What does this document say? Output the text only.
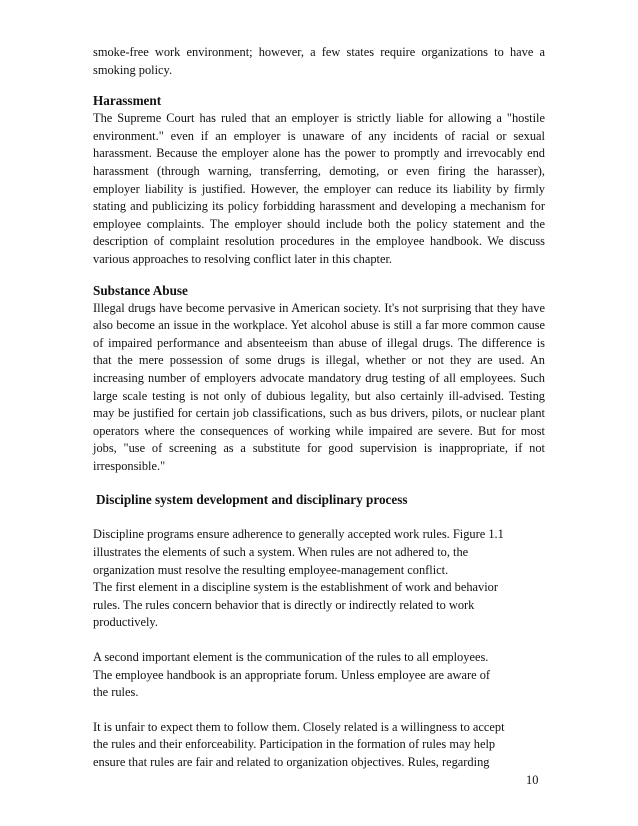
smoke-free work environment; however, a few states require organizations to have a smoking policy.

Harassment

The Supreme Court has ruled that an employer is strictly liable for allowing a "hostile environment." even if an employer is unaware of any incidents of racial or sexual harassment. Because the employer alone has the power to promptly and irrevocably end harassment (through warning, transferring, demoting, or even firing the harasser), employer liability is justified. However, the employer can reduce its liability by firmly stating and publicizing its policy forbidding harassment and developing a mechanism for employee complaints. The employer should include both the policy statement and the description of complaint resolution procedures in the employee handbook. We discuss various approaches to resolving conflict later in this chapter.

Substance Abuse

Illegal drugs have become pervasive in American society. It's not surprising that they have also become an issue in the workplace. Yet alcohol abuse is still a far more common cause of impaired performance and absenteeism than abuse of illegal drugs. The difference is that the mere possession of some drugs is illegal, whether or not they are used. An increasing number of employers advocate mandatory drug testing of all employees. Such large scale testing is not only of dubious legality, but also certainly ill-advised. Testing may be justified for certain job classifications, such as bus drivers, pilots, or nuclear plant operators where the consequences of working while impaired are severe. But for most jobs, "use of screening as a substitute for good supervision is inappropriate, if not irresponsible."

Discipline system development and disciplinary process

Discipline programs ensure adherence to generally accepted work rules. Figure 1.1

illustrates the elements of such a system. When rules are not adhered to, the

organization must resolve the resulting employee-management conflict.

The first element in a discipline system is the establishment of work and behavior

rules. The rules concern behavior that is directly or indirectly related to work

productively.

A second important element is the communication of the rules to all employees.

The employee handbook is an appropriate forum. Unless employee are aware of

the rules.

It is unfair to expect them to follow them. Closely related is a willingness to accept

the rules and their enforceability. Participation in the formation of rules may help

ensure that rules are fair and related to organization objectives. Rules, regarding

10
